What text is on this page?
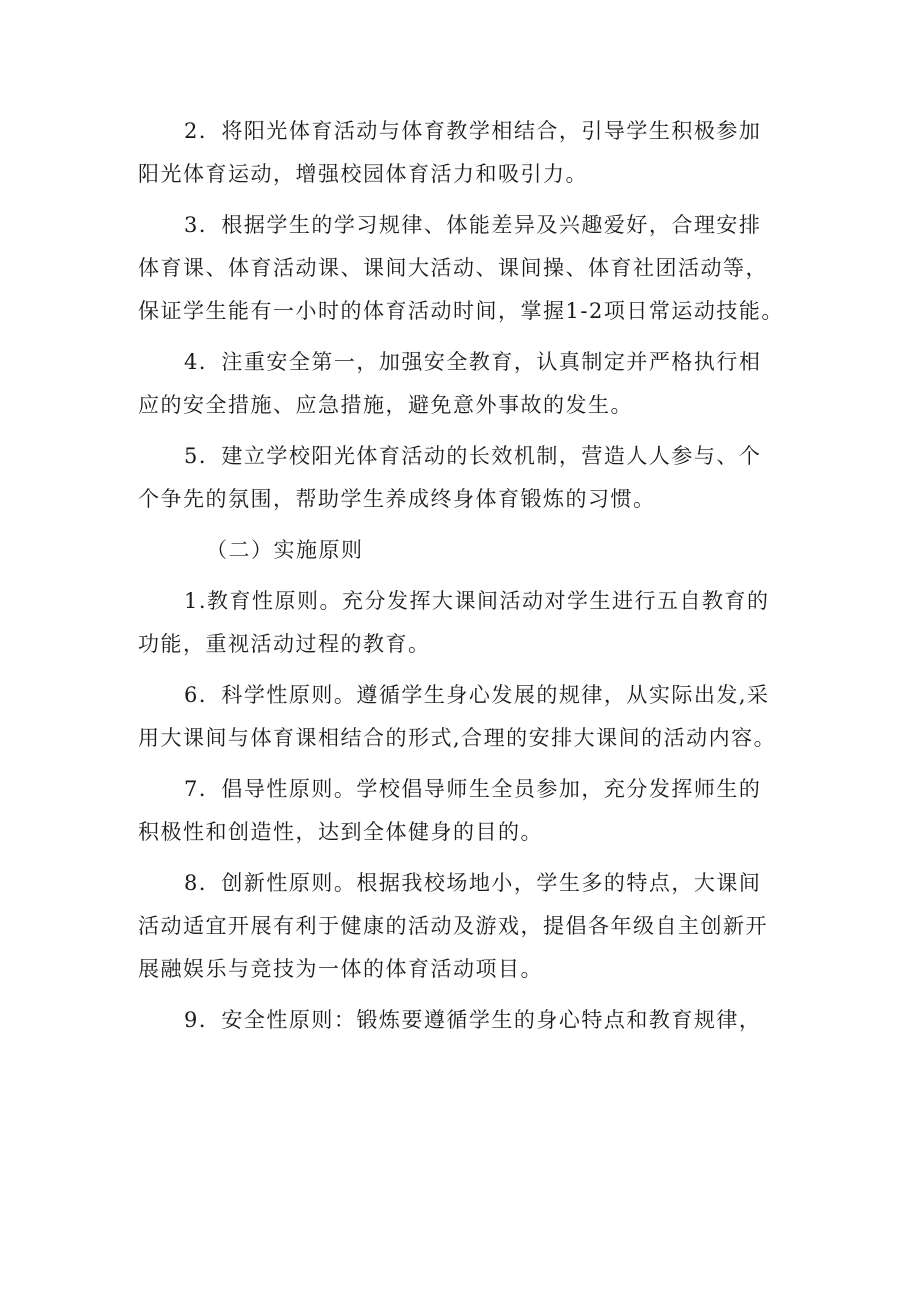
2．将阳光体育活动与体育教学相结合，引导学生积极参加
阳光体育运动，增强校园体育活力和吸引力。
3．根据学生的学习规律、体能差异及兴趣爱好，合理安排
体育课、体育活动课、课间大活动、课间操、体育社团活动等，
保证学生能有一小时的体育活动时间，掌握1-2项日常运动技能。
4．注重安全第一，加强安全教育，认真制定并严格执行相
应的安全措施、应急措施，避免意外事故的发生。
5．建立学校阳光体育活动的长效机制，营造人人参与、个
个争先的氛围，帮助学生养成终身体育锻炼的习惯。
（二）实施原则
1.教育性原则。充分发挥大课间活动对学生进行五自教育的
功能，重视活动过程的教育。
6．科学性原则。遵循学生身心发展的规律，从实际出发,采
用大课间与体育课相结合的形式,合理的安排大课间的活动内容。
7．倡导性原则。学校倡导师生全员参加，充分发挥师生的
积极性和创造性，达到全体健身的目的。
8．创新性原则。根据我校场地小，学生多的特点，大课间
活动适宜开展有利于健康的活动及游戏，提倡各年级自主创新开
展融娱乐与竞技为一体的体育活动项目。
9．安全性原则：锻炼要遵循学生的身心特点和教育规律，
